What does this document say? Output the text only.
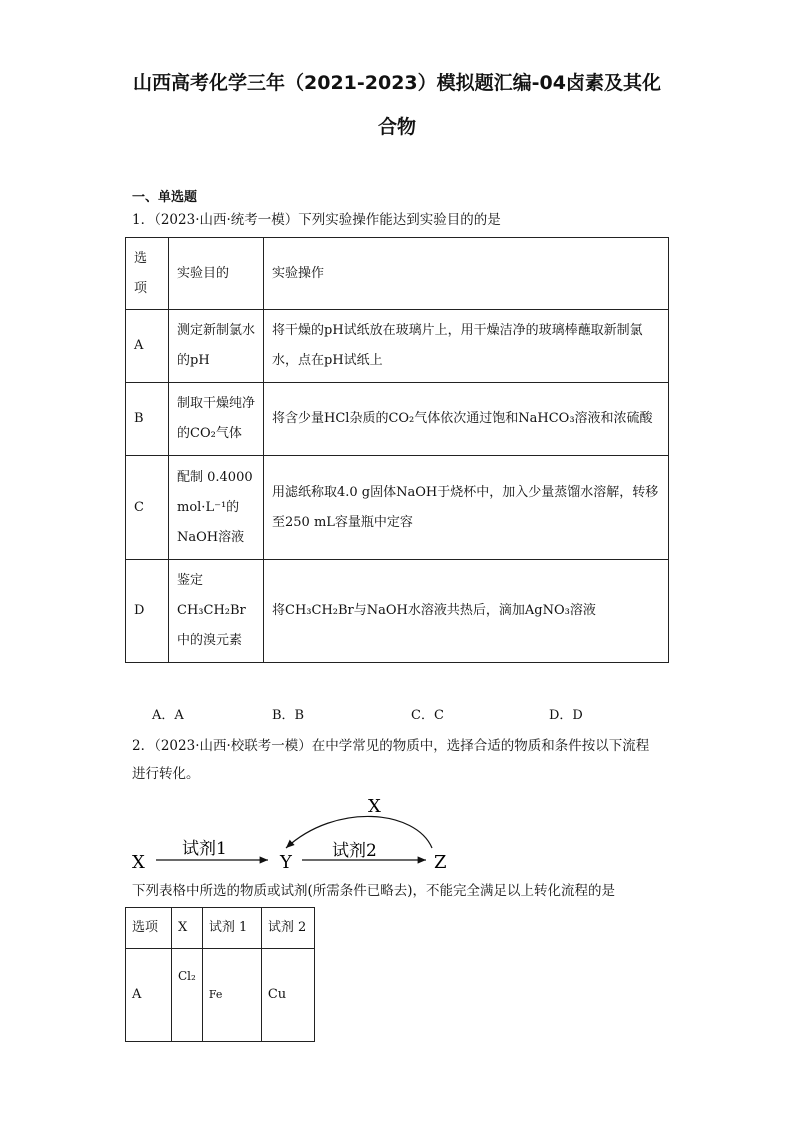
山西高考化学三年（2021-2023）模拟题汇编-04卤素及其化
合物
一、单选题
1．（2023·山西·统考一模）下列实验操作能达到实验目的的是
选项	实验目的	实验操作
A	测定新制氯水的pH	将干燥的pH试纸放在玻璃片上，用干燥洁净的玻璃棒蘸取新制氯水，点在pH试纸上
B	制取干燥纯净的CO₂气体	将含少量HCl杂质的CO₂气体依次通过饱和NaHCO₃溶液和浓硫酸
C	配制 0.4000 mol·L⁻¹的NaOH溶液	用滤纸称取4.0 g固体NaOH于烧杯中，加入少量蒸馏水溶解，转移至250 mL容量瓶中定容
D	鉴定CH₃CH₂Br中的溴元素	将CH₃CH₂Br与NaOH水溶液共热后，滴加AgNO₃溶液
A．A	B．B	C．C	D．D
2．（2023·山西·校联考一模）在中学常见的物质中，选择合适的物质和条件按以下流程
进行转化。
X
X
试剂1
Y
试剂2
Z
下列表格中所选的物质或试剂(所需条件已略去)，不能完全满足以上转化流程的是
选项	X	试剂 1	试剂 2
A	Cl₂	Fe	Cu
